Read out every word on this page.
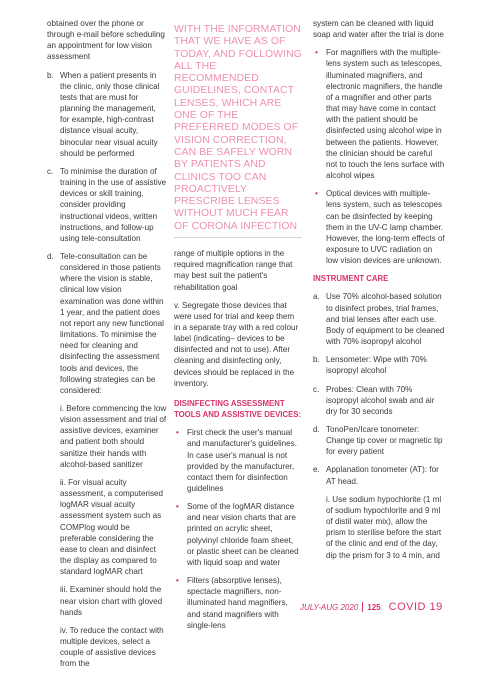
obtained over the phone or through e-mail before scheduling an appointment for low vision assessment

b. When a patient presents in the clinic, only those clinical tests that are must for planning the management, for example, high-contrast distance visual acuity, binocular near visual acuity should be performed
c. To minimise the duration of training in the use of assistive devices or skill training, consider providing instructional videos, written instructions, and follow-up using tele-consultation
d. Tele-consultation can be considered in those patients where the vision is stable, clinical low vision examination was done within 1 year, and the patient does not report any new functional limitations. To minimise the need for cleaning and disinfecting the assessment tools and devices, the following strategies can be considered:

i. Before commencing the low vision assessment and trial of assistive devices, examiner and patient both should sanitize their hands with alcohol-based sanitizer

ii. For visual acuity assessment, a computerised logMAR visual acuity assessment system such as COMPlog would be preferable considering the ease to clean and disinfect the display as compared to standard logMAR chart

iii. Examiner should hold the near vision chart with gloved hands

iv. To reduce the contact with multiple devices, select a couple of assistive devices from the

WITH THE INFORMATION THAT WE HAVE AS OF TODAY, AND FOLLOWING ALL THE RECOMMENDED GUIDELINES, CONTACT LENSES, WHICH ARE ONE OF THE PREFERRED MODES OF VISION CORRECTION, CAN BE SAFELY WORN BY PATIENTS AND CLINICS TOO CAN PROACTIVELY PRESCRIBE LENSES WITHOUT MUCH FEAR OF CORONA INFECTION

range of multiple options in the required magnification range that may best suit the patient's rehabilitation goal

v. Segregate those devices that were used for trial and keep them in a separate tray with a red colour label (indicating– devices to be disinfected and not to use). After cleaning and disinfecting only, devices should be replaced in the inventory.

DISINFECTING ASSESSMENT TOOLS AND ASSISTIVE DEVICES:
• First check the user's manual and manufacturer's guidelines. In case user's manual is not provided by the manufacturer, contact them for disinfection guidelines
• Some of the logMAR distance and near vision charts that are printed on acrylic sheet, polyvinyl chloride foam sheet, or plastic sheet can be cleaned with liquid soap and water
• Filters (absorptive lenses), spectacle magnifiers, non-illuminated hand magnifiers, and stand magnifiers with single-lens

system can be cleaned with liquid soap and water after the trial is done

• For magnifiers with the multiple-lens system such as telescopes, illuminated magnifiers, and electronic magnifiers, the handle of a magnifier and other parts that may have come in contact with the patient should be disinfected using alcohol wipe in between the patients. However, the clinician should be careful not to touch the lens surface with alcohol wipes
• Optical devices with multiple-lens system, such as telescopes can be disinfected by keeping them in the UV-C lamp chamber. However, the long-term effects of exposure to UVC radiation on low vision devices are unknown.
INSTRUMENT CARE
a. Use 70% alcohol-based solution to disinfect probes, trial frames, and trial lenses after each use. Body of equipment to be cleaned with 70% isopropyl alcohol
b. Lensometer: Wipe with 70% isopropyl alcohol
c. Probes: Clean with 70% isopropyl alcohol swab and air dry for 30 seconds
d. TonoPen/Icare tonometer: Change tip cover or magnetic tip for every patient
e. Applanation tonometer (AT): for AT head.

i. Use sodium hypochlorite (1 ml of sodium hypochlorite and 9 ml of distil water mix), allow the prism to sterilise before the start of the clinic and end of the day, dip the prism for 3 to 4 min, and

JULY-AUG 2020 125 COVID 19
